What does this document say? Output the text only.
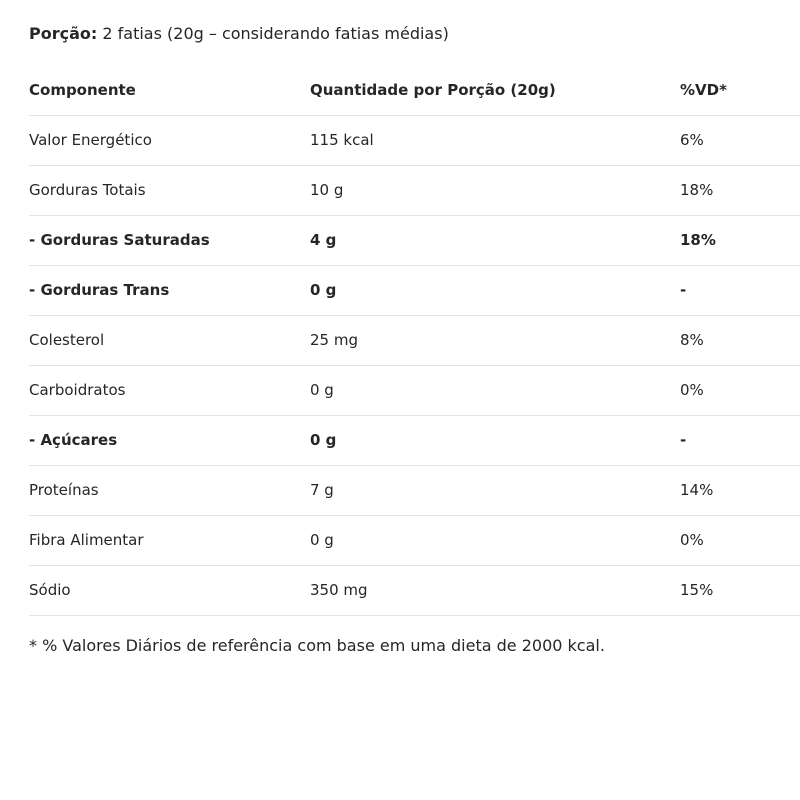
Porção: 2 fatias (20g – considerando fatias médias)
Componente	Quantidade por Porção (20g)	%VD*
Valor Energético	115 kcal	6%
Gorduras Totais	10 g	18%
- Gorduras Saturadas	4 g	18%
- Gorduras Trans	0 g	-
Colesterol	25 mg	8%
Carboidratos	0 g	0%
- Açúcares	0 g	-
Proteínas	7 g	14%
Fibra Alimentar	0 g	0%
Sódio	350 mg	15%
* % Valores Diários de referência com base em uma dieta de 2000 kcal.
